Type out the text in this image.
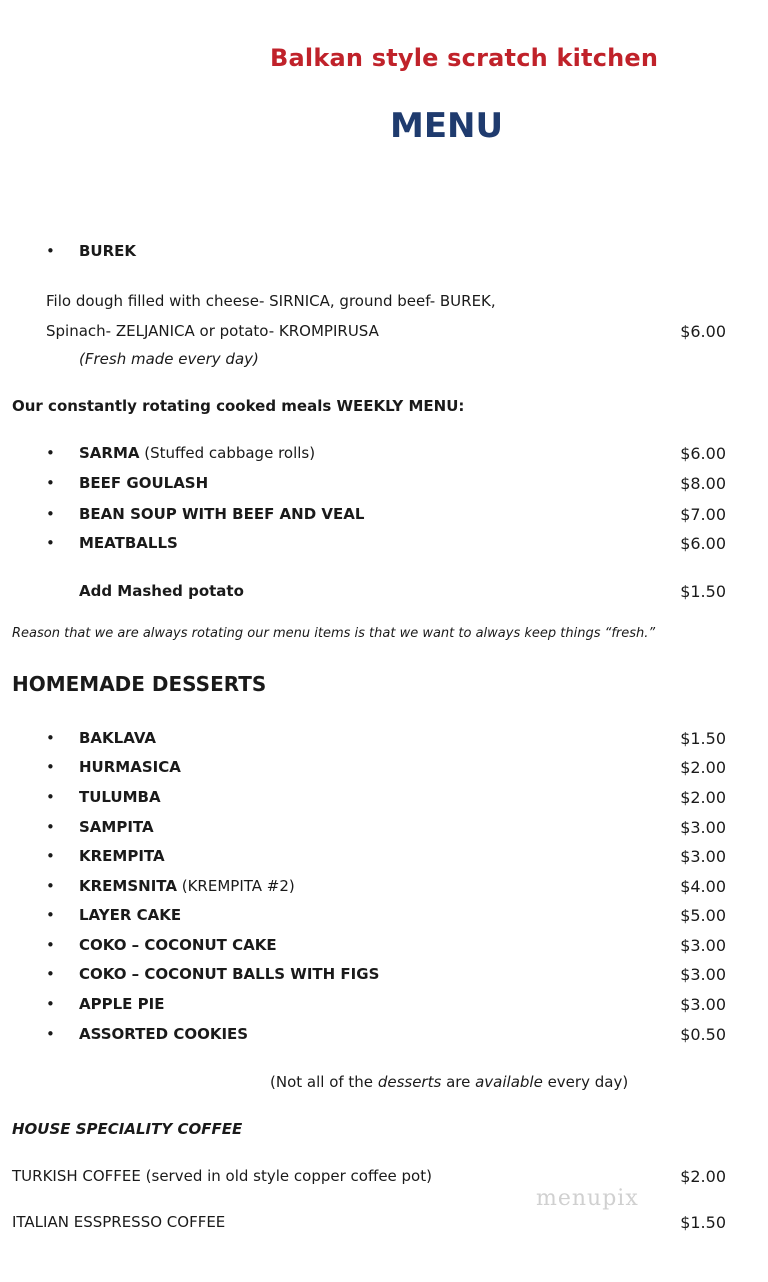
Balkan style scratch kitchen
MENU
• BUREK
Filo dough filled with cheese- SIRNICA, ground beef- BUREK,
Spinach- ZELJANICA or potato- KROMPIRUSA	$6.00
(Fresh made every day)
Our constantly rotating cooked meals WEEKLY MENU:
• SARMA (Stuffed cabbage rolls)	$6.00
• BEEF GOULASH	$8.00
• BEAN SOUP WITH BEEF AND VEAL	$7.00
• MEATBALLS	$6.00
Add Mashed potato	$1.50
Reason that we are always rotating our menu items is that we want to always keep things “fresh.”
HOMEMADE DESSERTS
• BAKLAVA	$1.50
• HURMASICA	$2.00
• TULUMBA	$2.00
• SAMPITA	$3.00
• KREMPITA	$3.00
• KREMSNITA (KREMPITA #2)	$4.00
• LAYER CAKE	$5.00
• COKO – COCONUT CAKE	$3.00
• COKO – COCONUT BALLS WITH FIGS	$3.00
• APPLE PIE	$3.00
• ASSORTED COOKIES	$0.50
(Not all of the desserts are available every day)
HOUSE SPECIALITY COFFEE
TURKISH COFFEE (served in old style copper coffee pot)	$2.00
ITALIAN ESSPRESSO COFFEE	$1.50
menupix
